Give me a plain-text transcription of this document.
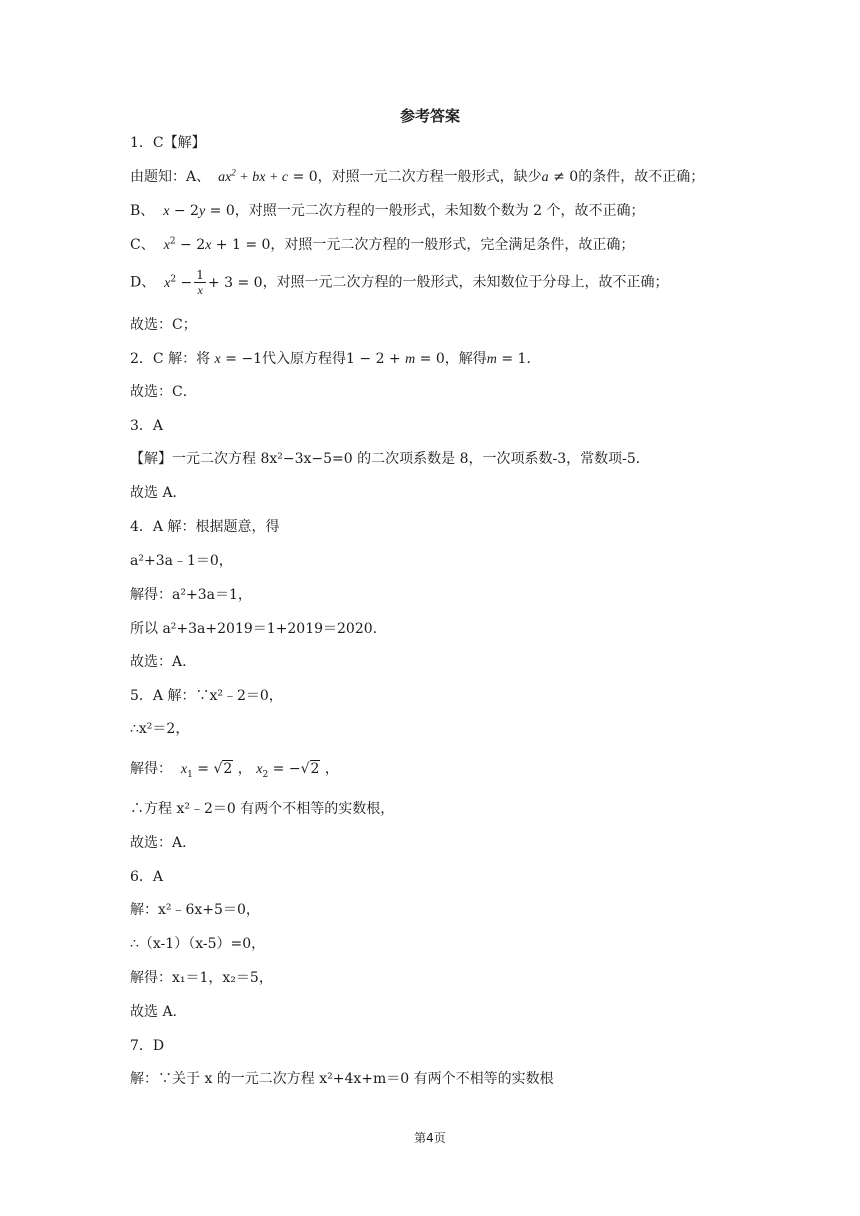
参考答案
1．C【解】
由题知：A、  $ax^2$ + bx + c = 0，对照一元二次方程一般形式，缺少a ≠ 0的条件，故不正确；
B、 x − 2y = 0，对照一元二次方程的一般形式，未知数个数为 2 个，故不正确；
C、 $x^2 - 2x + 1 = 0$，对照一元二次方程的一般形式，完全满足条件，故正确；
D、 $x^2 - \frac{1}{x} + 3 = 0$，对照一元二次方程的一般形式，未知数位于分母上，故不正确；
故选：C；
2．C 解：将 x = −1代入原方程得1 − 2 + m = 0，解得m = 1．
故选：C．
3．A
【解】一元二次方程 8x²−3x−5=0 的二次项系数是 8，一次项系数-3，常数项-5．
故选 A．
4．A 解：根据题意，得
a²+3a﹣1＝0，
解得：a²+3a＝1，
所以 a²+3a+2019＝1+2019＝2020.
故选：A.
5．A 解：∵x²﹣2＝0，
∴x²＝2，
解得： $x_1 = √2$ ， $x_2 = -√2$ ，
∴方程 x²﹣2＝0 有两个不相等的实数根，
故选：A．
6．A
解：x²﹣6x+5＝0，
∴（x-1）（x-5）=0，
解得：x₁＝1，x₂＝5，
故选 A.
7．D
解：∵关于 x 的一元二次方程 x²+4x+m＝0 有两个不相等的实数根
第4页
